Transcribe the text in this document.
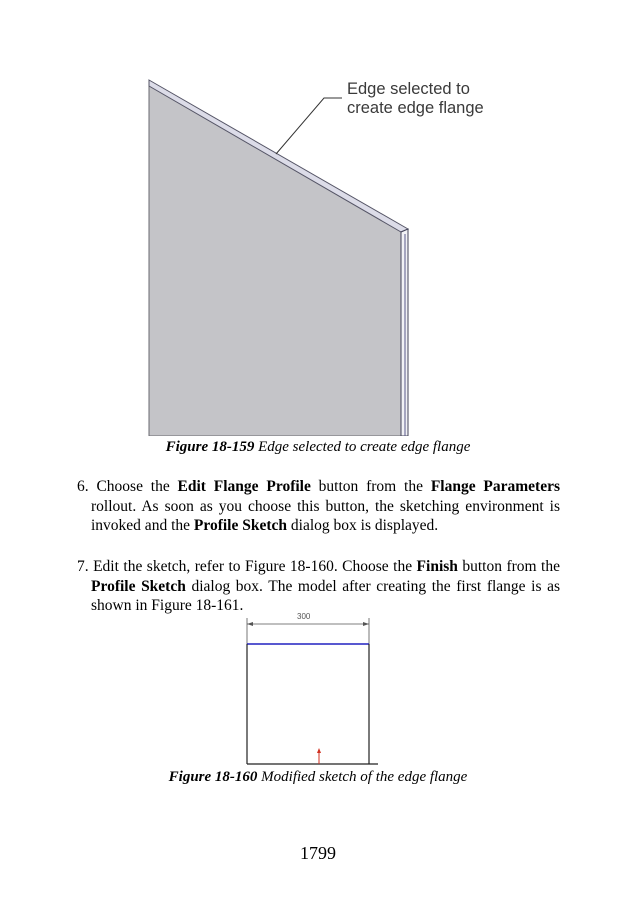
Edge selected to
create edge flange
Figure 18-159 Edge selected to create edge flange

6. Choose the Edit Flange Profile button from the Flange Parameters rollout. As soon as you choose this button, the sketching environment is invoked and the Profile Sketch dialog box is displayed.

7. Edit the sketch, refer to Figure 18-160. Choose the Finish button from the Profile Sketch dialog box. The model after creating the first flange is as shown in Figure 18-161.

300
Figure 18-160 Modified sketch of the edge flange
1799
